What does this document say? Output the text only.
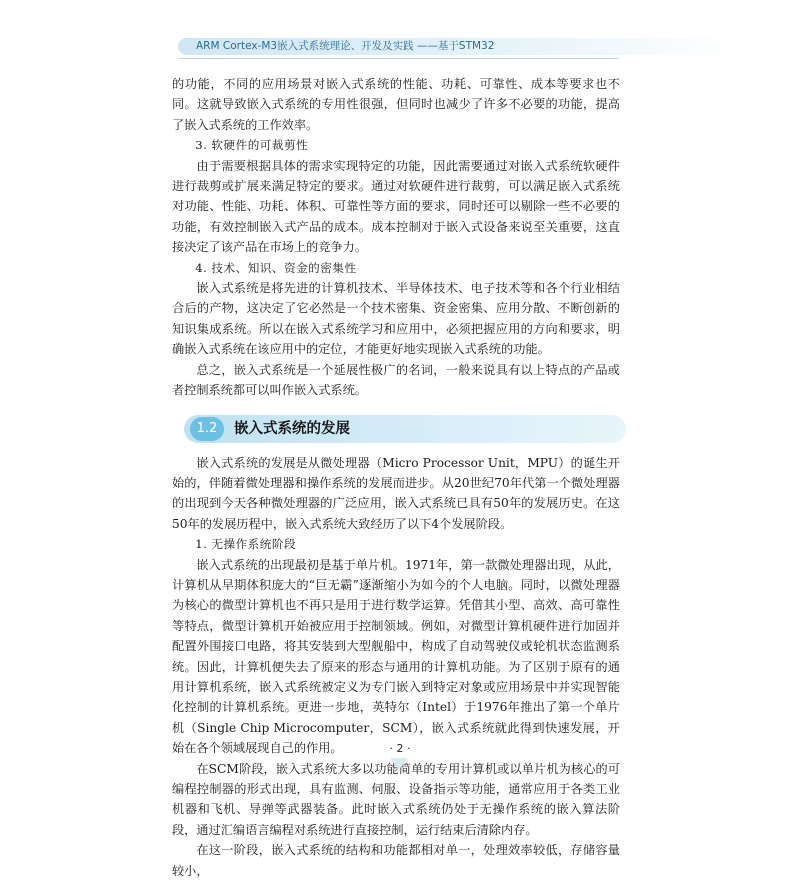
ARM Cortex-M3嵌入式系统理论、开发及实践 ——基于STM32

的功能，不同的应用场景对嵌入式系统的性能、功耗、可靠性、成本等要求也不同。这就导致嵌入式系统的专用性很强，但同时也减少了许多不必要的功能，提高了嵌入式系统的工作效率。

3. 软硬件的可裁剪性

由于需要根据具体的需求实现特定的功能，因此需要通过对嵌入式系统软硬件进行裁剪或扩展来满足特定的要求。通过对软硬件进行裁剪，可以满足嵌入式系统对功能、性能、功耗、体积、可靠性等方面的要求，同时还可以剔除一些不必要的功能，有效控制嵌入式产品的成本。成本控制对于嵌入式设备来说至关重要，这直接决定了该产品在市场上的竞争力。

4. 技术、知识、资金的密集性

嵌入式系统是将先进的计算机技术、半导体技术、电子技术等和各个行业相结合后的产物，这决定了它必然是一个技术密集、资金密集、应用分散、不断创新的知识集成系统。所以在嵌入式系统学习和应用中，必须把握应用的方向和要求，明确嵌入式系统在该应用中的定位，才能更好地实现嵌入式系统的功能。

总之，嵌入式系统是一个延展性极广的名词，一般来说具有以上特点的产品或者控制系统都可以叫作嵌入式系统。

1.2	嵌入式系统的发展

嵌入式系统的发展是从微处理器（Micro Processor Unit，MPU）的诞生开始的，伴随着微处理器和操作系统的发展而进步。从20世纪70年代第一个微处理器的出现到今天各种微处理器的广泛应用，嵌入式系统已具有50年的发展历史。在这50年的发展历程中，嵌入式系统大致经历了以下4个发展阶段。

1. 无操作系统阶段

嵌入式系统的出现最初是基于单片机。1971年，第一款微处理器出现，从此，计算机从早期体积庞大的“巨无霸”逐渐缩小为如今的个人电脑。同时，以微处理器为核心的微型计算机也不再只是用于进行数学运算。凭借其小型、高效、高可靠性等特点，微型计算机开始被应用于控制领域。例如，对微型计算机硬件进行加固并配置外围接口电路，将其安装到大型舰船中，构成了自动驾驶仪或轮机状态监测系统。因此，计算机便失去了原来的形态与通用的计算机功能。为了区别于原有的通用计算机系统，嵌入式系统被定义为专门嵌入到特定对象或应用场景中并实现智能化控制的计算机系统。更进一步地，英特尔（Intel）于1976年推出了第一个单片机（Single Chip Microcomputer，SCM），嵌入式系统就此得到快速发展，开始在各个领域展现自己的作用。

在SCM阶段，嵌入式系统大多以功能简单的专用计算机或以单片机为核心的可编程控制器的形式出现，具有监测、伺服、设备指示等功能，通常应用于各类工业机器和飞机、导弹等武器装备。此时嵌入式系统仍处于无操作系统的嵌入算法阶段，通过汇编语言编程对系统进行直接控制，运行结束后清除内存。

在这一阶段，嵌入式系统的结构和功能都相对单一，处理效率较低，存储容量较小，

· 2 ·
